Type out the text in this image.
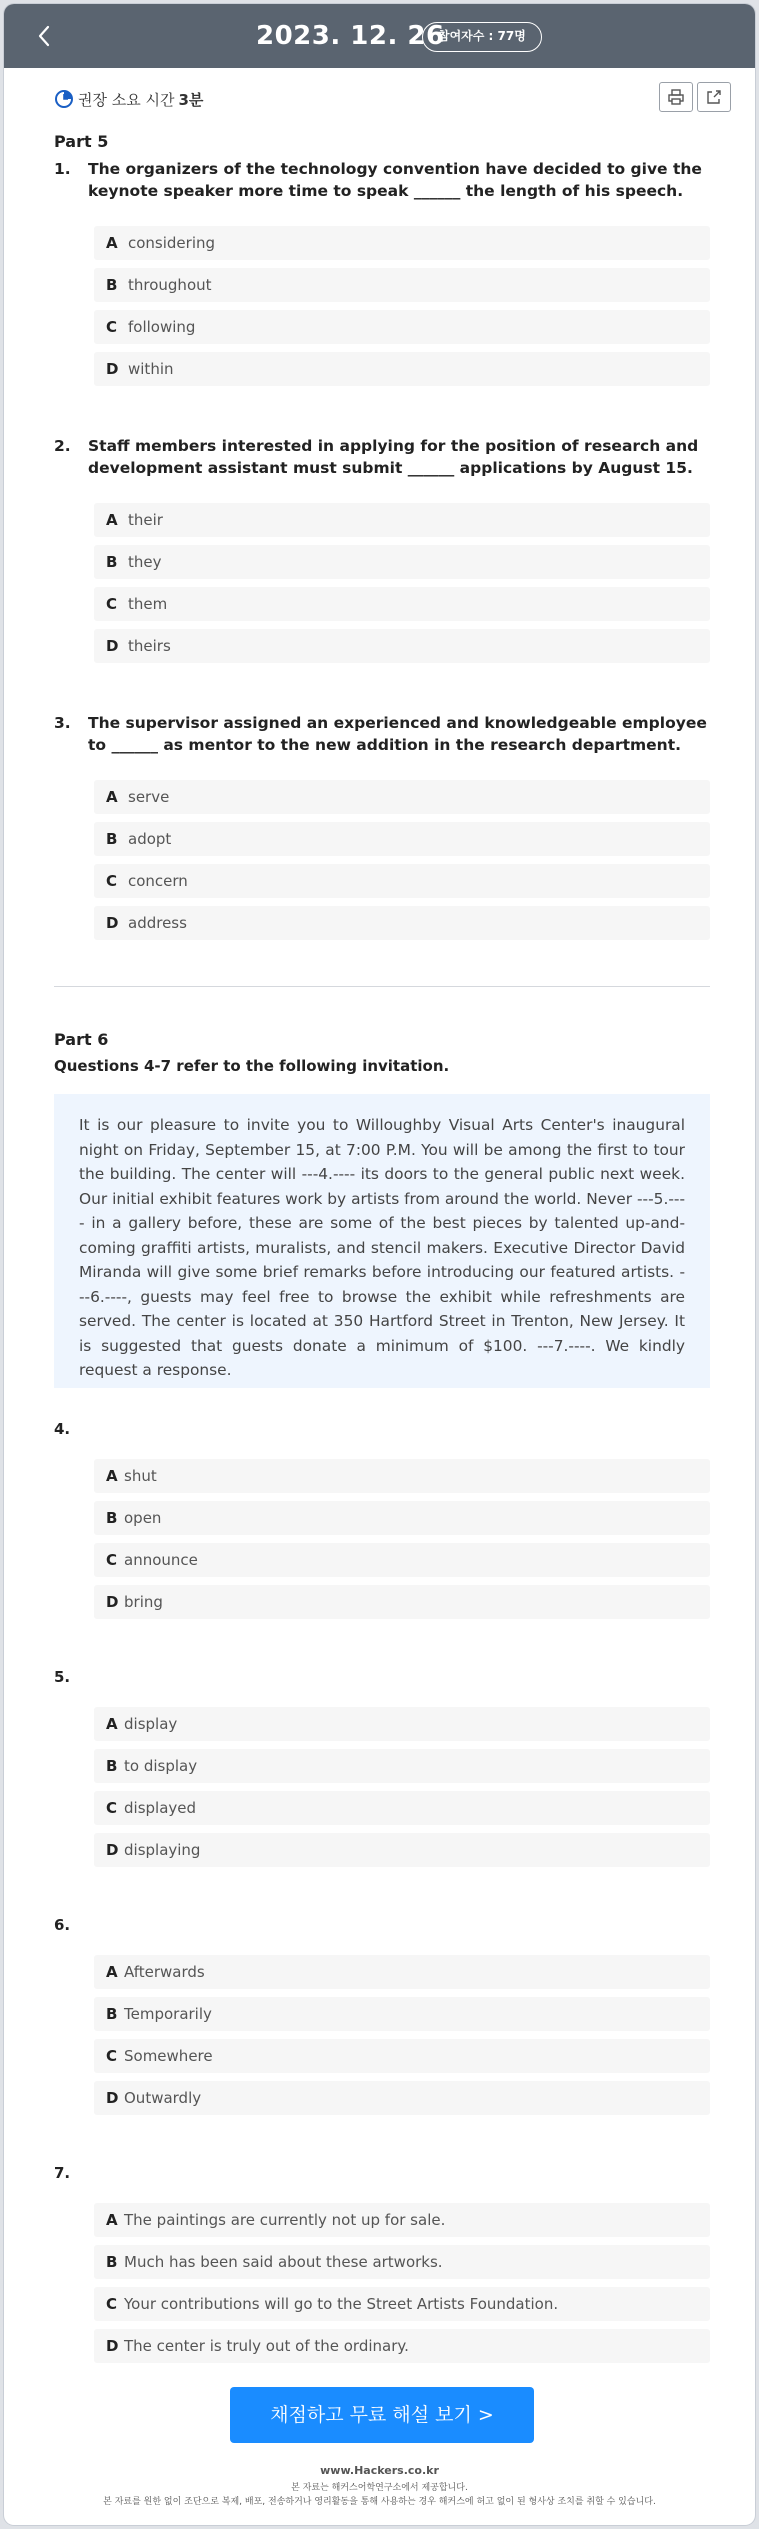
2023. 12. 26
참여자수 : 77명
권장 소요 시간 3분
Part 5
1. The organizers of the technology convention have decided to give the keynote speaker more time to speak ______ the length of his speech.
A considering
B throughout
C following
D within
2. Staff members interested in applying for the position of research and development assistant must submit ______ applications by August 15.
A their
B they
C them
D theirs
3. The supervisor assigned an experienced and knowledgeable employee to ______ as mentor to the new addition in the research department.
A serve
B adopt
C concern
D address
Part 6
Questions 4-7 refer to the following invitation.
It is our pleasure to invite you to Willoughby Visual Arts Center's inaugural night on Friday, September 15, at 7:00 P.M. You will be among the first to tour the building. The center will ---4.---- its doors to the general public next week. Our initial exhibit features work by artists from around the world. Never ---5.---- in a gallery before, these are some of the best pieces by talented up-and-coming graffiti artists, muralists, and stencil makers. Executive Director David Miranda will give some brief remarks before introducing our featured artists. ---6.----, guests may feel free to browse the exhibit while refreshments are served. The center is located at 350 Hartford Street in Trenton, New Jersey. It is suggested that guests donate a minimum of $100. ---7.----. We kindly request a response.
4.
A shut
B open
C announce
D bring
5.
A display
B to display
C displayed
D displaying
6.
A Afterwards
B Temporarily
C Somewhere
D Outwardly
7.
A The paintings are currently not up for sale.
B Much has been said about these artworks.
C Your contributions will go to the Street Artists Foundation.
D The center is truly out of the ordinary.
채점하고 무료 해설 보기 >
www.Hackers.co.kr
본 자료는 해커스어학연구소에서 제공합니다.
본 자료를 원한 없이 조단으로 복제, 배포, 전송하거나 영리활동을 통해 사용하는 경우 해커스에 허고 없이 된 형사상 조치를 취할 수 있습니다.
